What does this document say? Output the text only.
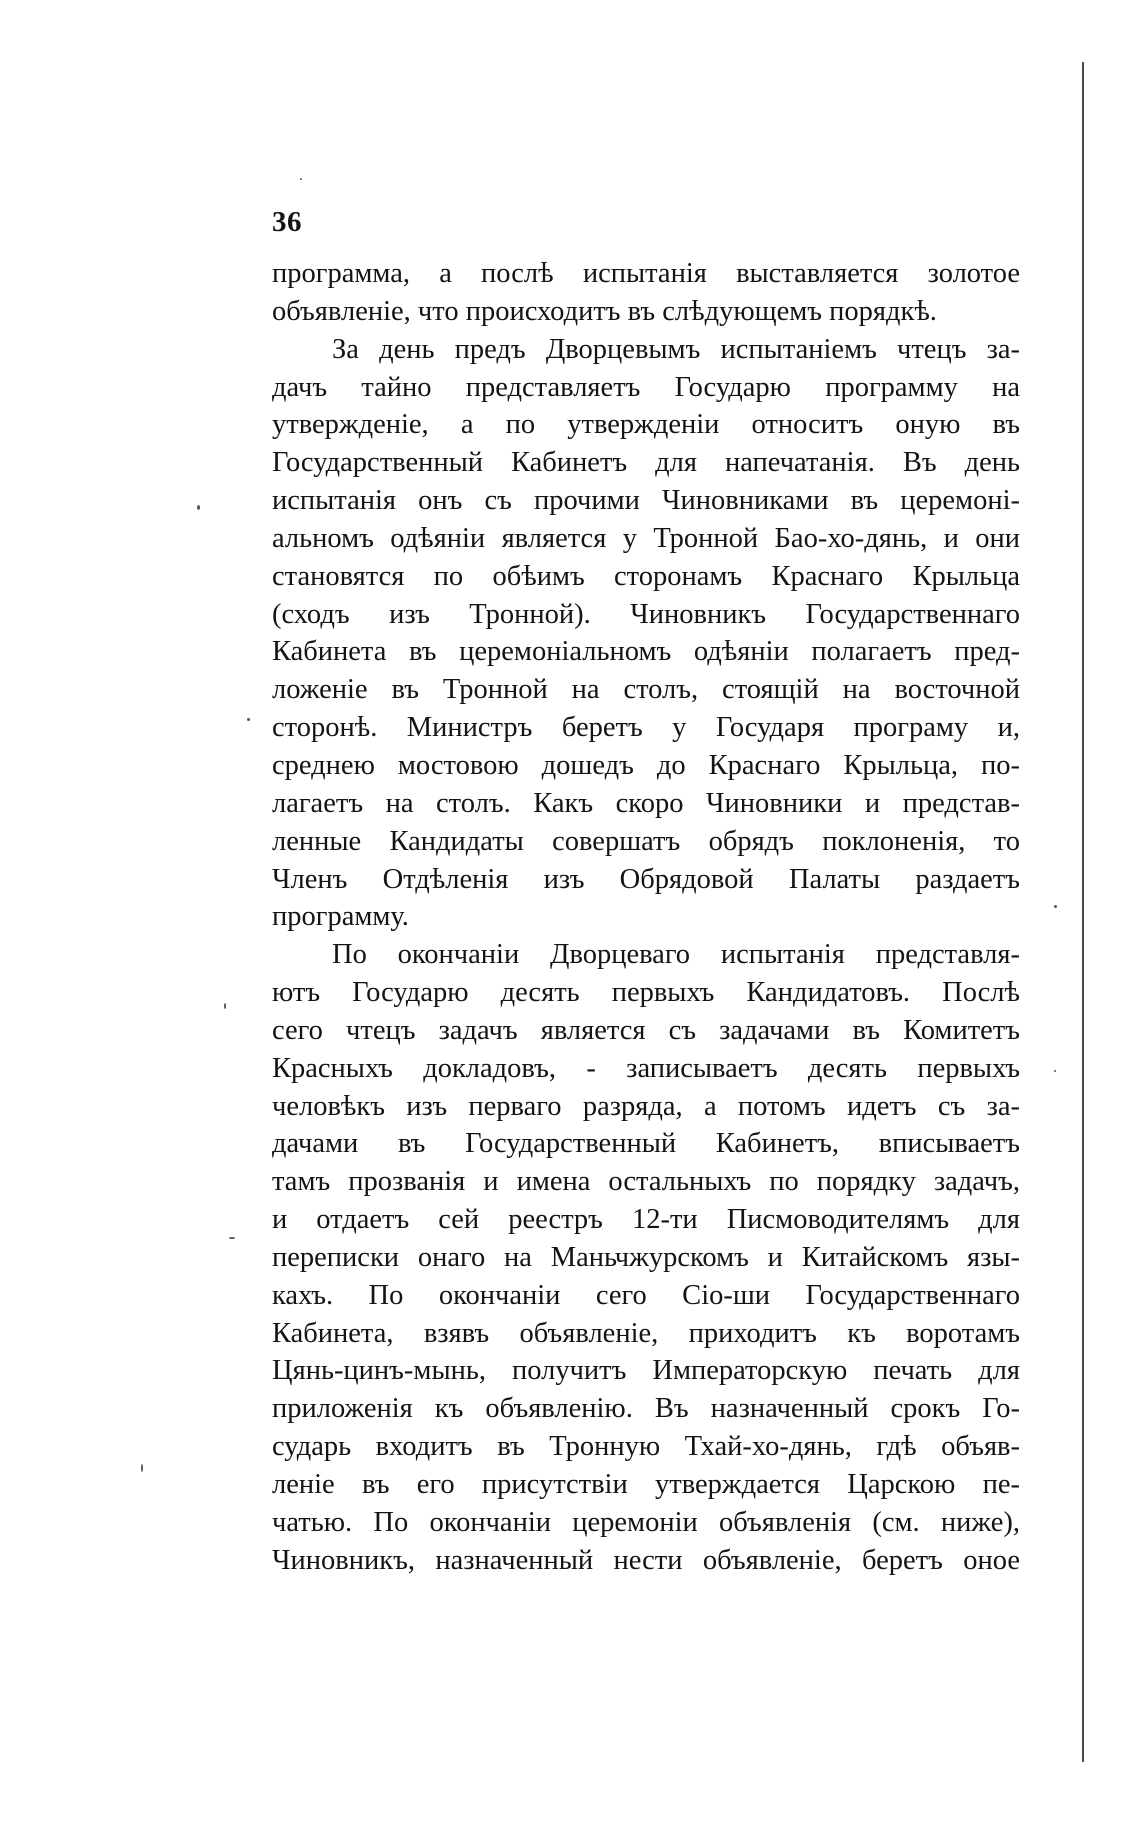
36
программа, а послѣ испытанія выставляется золотое
объявленіе, что происходитъ въ слѣдующемъ порядкѣ.
За день предъ Дворцевымъ испытаніемъ чтецъ за-
дачъ тайно представляетъ Государю программу на
утвержденіе, а по утвержденіи относитъ оную въ
Государственный Кабинетъ для напечатанія. Въ день
испытанія онъ съ прочими Чиновниками въ церемоні-
альномъ одѣяніи является у Тронной Бао-хо-дянь, и они
становятся по обѣимъ сторонамъ Краснаго Крыльца
(сходъ изъ Тронной). Чиновникъ Государственнаго
Кабинета въ церемоніальномъ одѣяніи полагаетъ пред-
ложеніе въ Тронной на столъ, стоящій на восточной
сторонѣ. Министръ беретъ у Государя програму и,
среднею мостовою дошедъ до Краснаго Крыльца, по-
лагаетъ на столъ. Какъ скоро Чиновники и представ-
ленные Кандидаты совершатъ обрядъ поклоненія, то
Членъ Отдѣленія изъ Обрядовой Палаты раздаетъ
программу.
По окончаніи Дворцеваго испытанія представля-
ютъ Государю десять первыхъ Кандидатовъ. Послѣ
сего чтецъ задачъ является съ задачами въ Комитетъ
Красныхъ докладовъ, - записываетъ десять первыхъ
человѣкъ изъ перваго разряда, а потомъ идетъ съ за-
дачами въ Государственный Кабинетъ, вписываетъ
тамъ прозванія и имена остальныхъ по порядку задачъ,
и отдаетъ сей реестръ 12-ти Писмоводителямъ для
переписки онаго на Маньчжурскомъ и Китайскомъ язы-
кахъ. По окончаніи сего Сіо-ши Государственнаго
Кабинета, взявъ объявленіе, приходитъ къ воротамъ
Цянь-цинъ-мынь, получитъ Императорскую печать для
приложенія къ объявленію. Въ назначенный срокъ Го-
сударь входитъ въ Тронную Тхай-хо-дянь, гдѣ объяв-
леніе въ его присутствіи утверждается Царскою пе-
чатью. По окончаніи церемоніи объявленія (см. ниже),
Чиновникъ, назначенный нести объявленіе, беретъ оное
